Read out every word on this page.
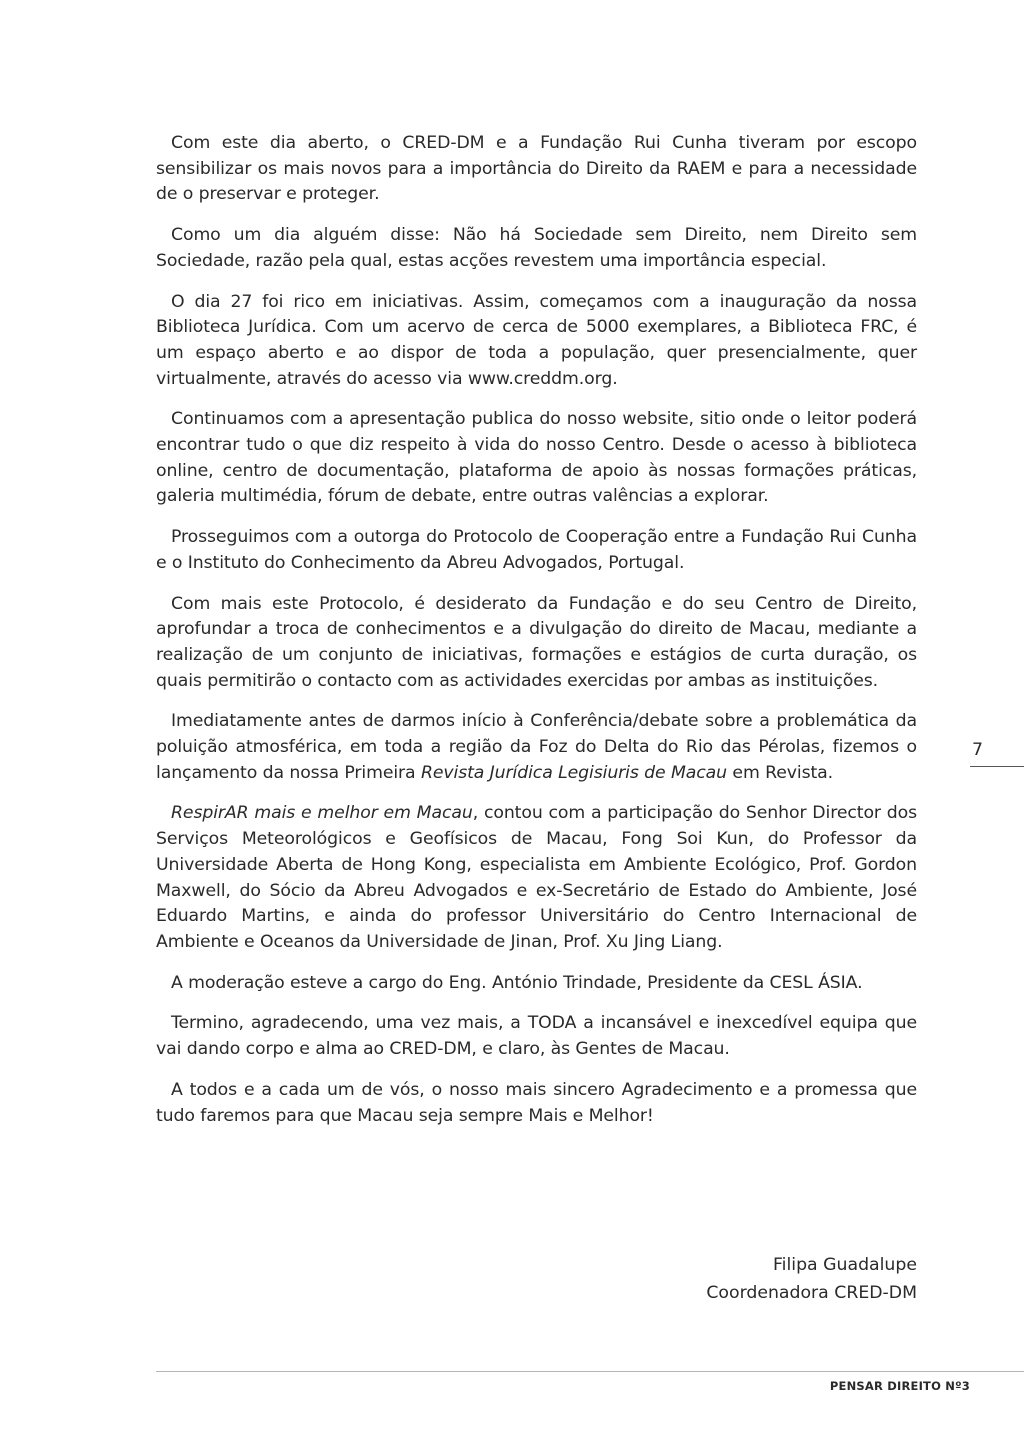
Com este dia aberto, o CRED-DM e a Fundação Rui Cunha tiveram por escopo sensibilizar os mais novos para a importância do Direito da RAEM e para a necessidade de o preservar e proteger.

Como um dia alguém disse: Não há Sociedade sem Direito, nem Direito sem Sociedade, razão pela qual, estas acções revestem uma importância especial.

O dia 27 foi rico em iniciativas. Assim, começamos com a inauguração da nossa Biblioteca Jurídica. Com um acervo de cerca de 5000 exemplares, a Biblioteca FRC, é um espaço aberto e ao dispor de toda a população, quer presencialmente, quer virtualmente, através do acesso via www.creddm.org.

Continuamos com a apresentação publica do nosso website, sitio onde o leitor poderá encontrar tudo o que diz respeito à vida do nosso Centro. Desde o acesso à biblioteca online, centro de documentação, plataforma de apoio às nossas formações práticas, galeria multimédia, fórum de debate, entre outras valências a explorar.

Prosseguimos com a outorga do Protocolo de Cooperação entre a Fundação Rui Cunha e o Instituto do Conhecimento da Abreu Advogados, Portugal.

Com mais este Protocolo, é desiderato da Fundação e do seu Centro de Direito, aprofundar a troca de conhecimentos e a divulgação do direito de Macau, mediante a realização de um conjunto de iniciativas, formações e estágios de curta duração, os quais permitirão o contacto com as actividades exercidas por ambas as instituições.

Imediatamente antes de darmos início à Conferência/debate sobre a problemática da poluição atmosférica, em toda a região da Foz do Delta do Rio das Pérolas, fizemos o lançamento da nossa Primeira Revista Jurídica Legisiuris de Macau em Revista.

RespirAR mais e melhor em Macau, contou com a participação do Senhor Director dos Serviços Meteorológicos e Geofísicos de Macau, Fong Soi Kun, do Professor da Universidade Aberta de Hong Kong, especialista em Ambiente Ecológico, Prof. Gordon Maxwell, do Sócio da Abreu Advogados e ex-Secretário de Estado do Ambiente, José Eduardo Martins, e ainda do professor Universitário do Centro Internacional de Ambiente e Oceanos da Universidade de Jinan, Prof. Xu Jing Liang.

A moderação esteve a cargo do Eng. António Trindade, Presidente da CESL ÁSIA.

Termino, agradecendo, uma vez mais, a TODA a incansável e inexcedível equipa que vai dando corpo e alma ao CRED-DM, e claro, às Gentes de Macau.

A todos e a cada um de vós, o nosso mais sincero Agradecimento e a promessa que tudo faremos para que Macau seja sempre Mais e Melhor!

7
Filipa Guadalupe
Coordenadora CRED-DM
PENSAR DIREITO Nº3
